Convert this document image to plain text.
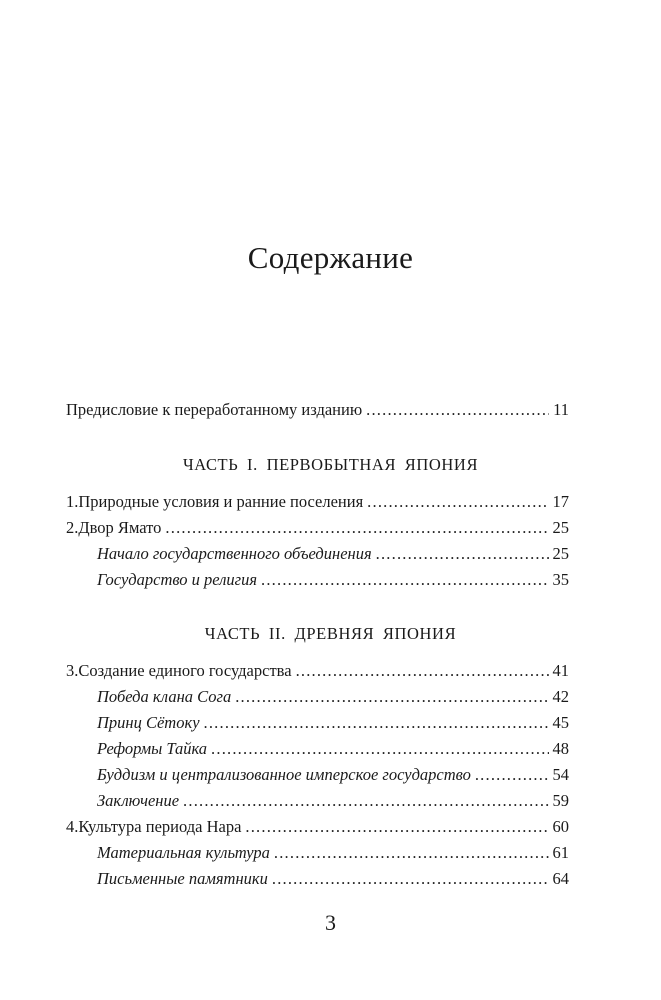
Содержание
Предисловие к переработанному изданию .....	11
ЧАСТЬ I. ПЕРВОБЫТНАЯ ЯПОНИЯ
1. Природные условия и ранние поселения .....	17
2. Двор Ямато .....	25
Начало государственного объединения .....	25
Государство и религия .....	35
ЧАСТЬ II. ДРЕВНЯЯ ЯПОНИЯ
3. Создание единого государства .....	41
Победа клана Сога .....	42
Принц Сётоку .....	45
Реформы Тайка .....	48
Буддизм и централизованное имперское государство .....	54
Заключение .....	59
4. Культура периода Нара .....	60
Материальная культура .....	61
Письменные памятники .....	64
3
